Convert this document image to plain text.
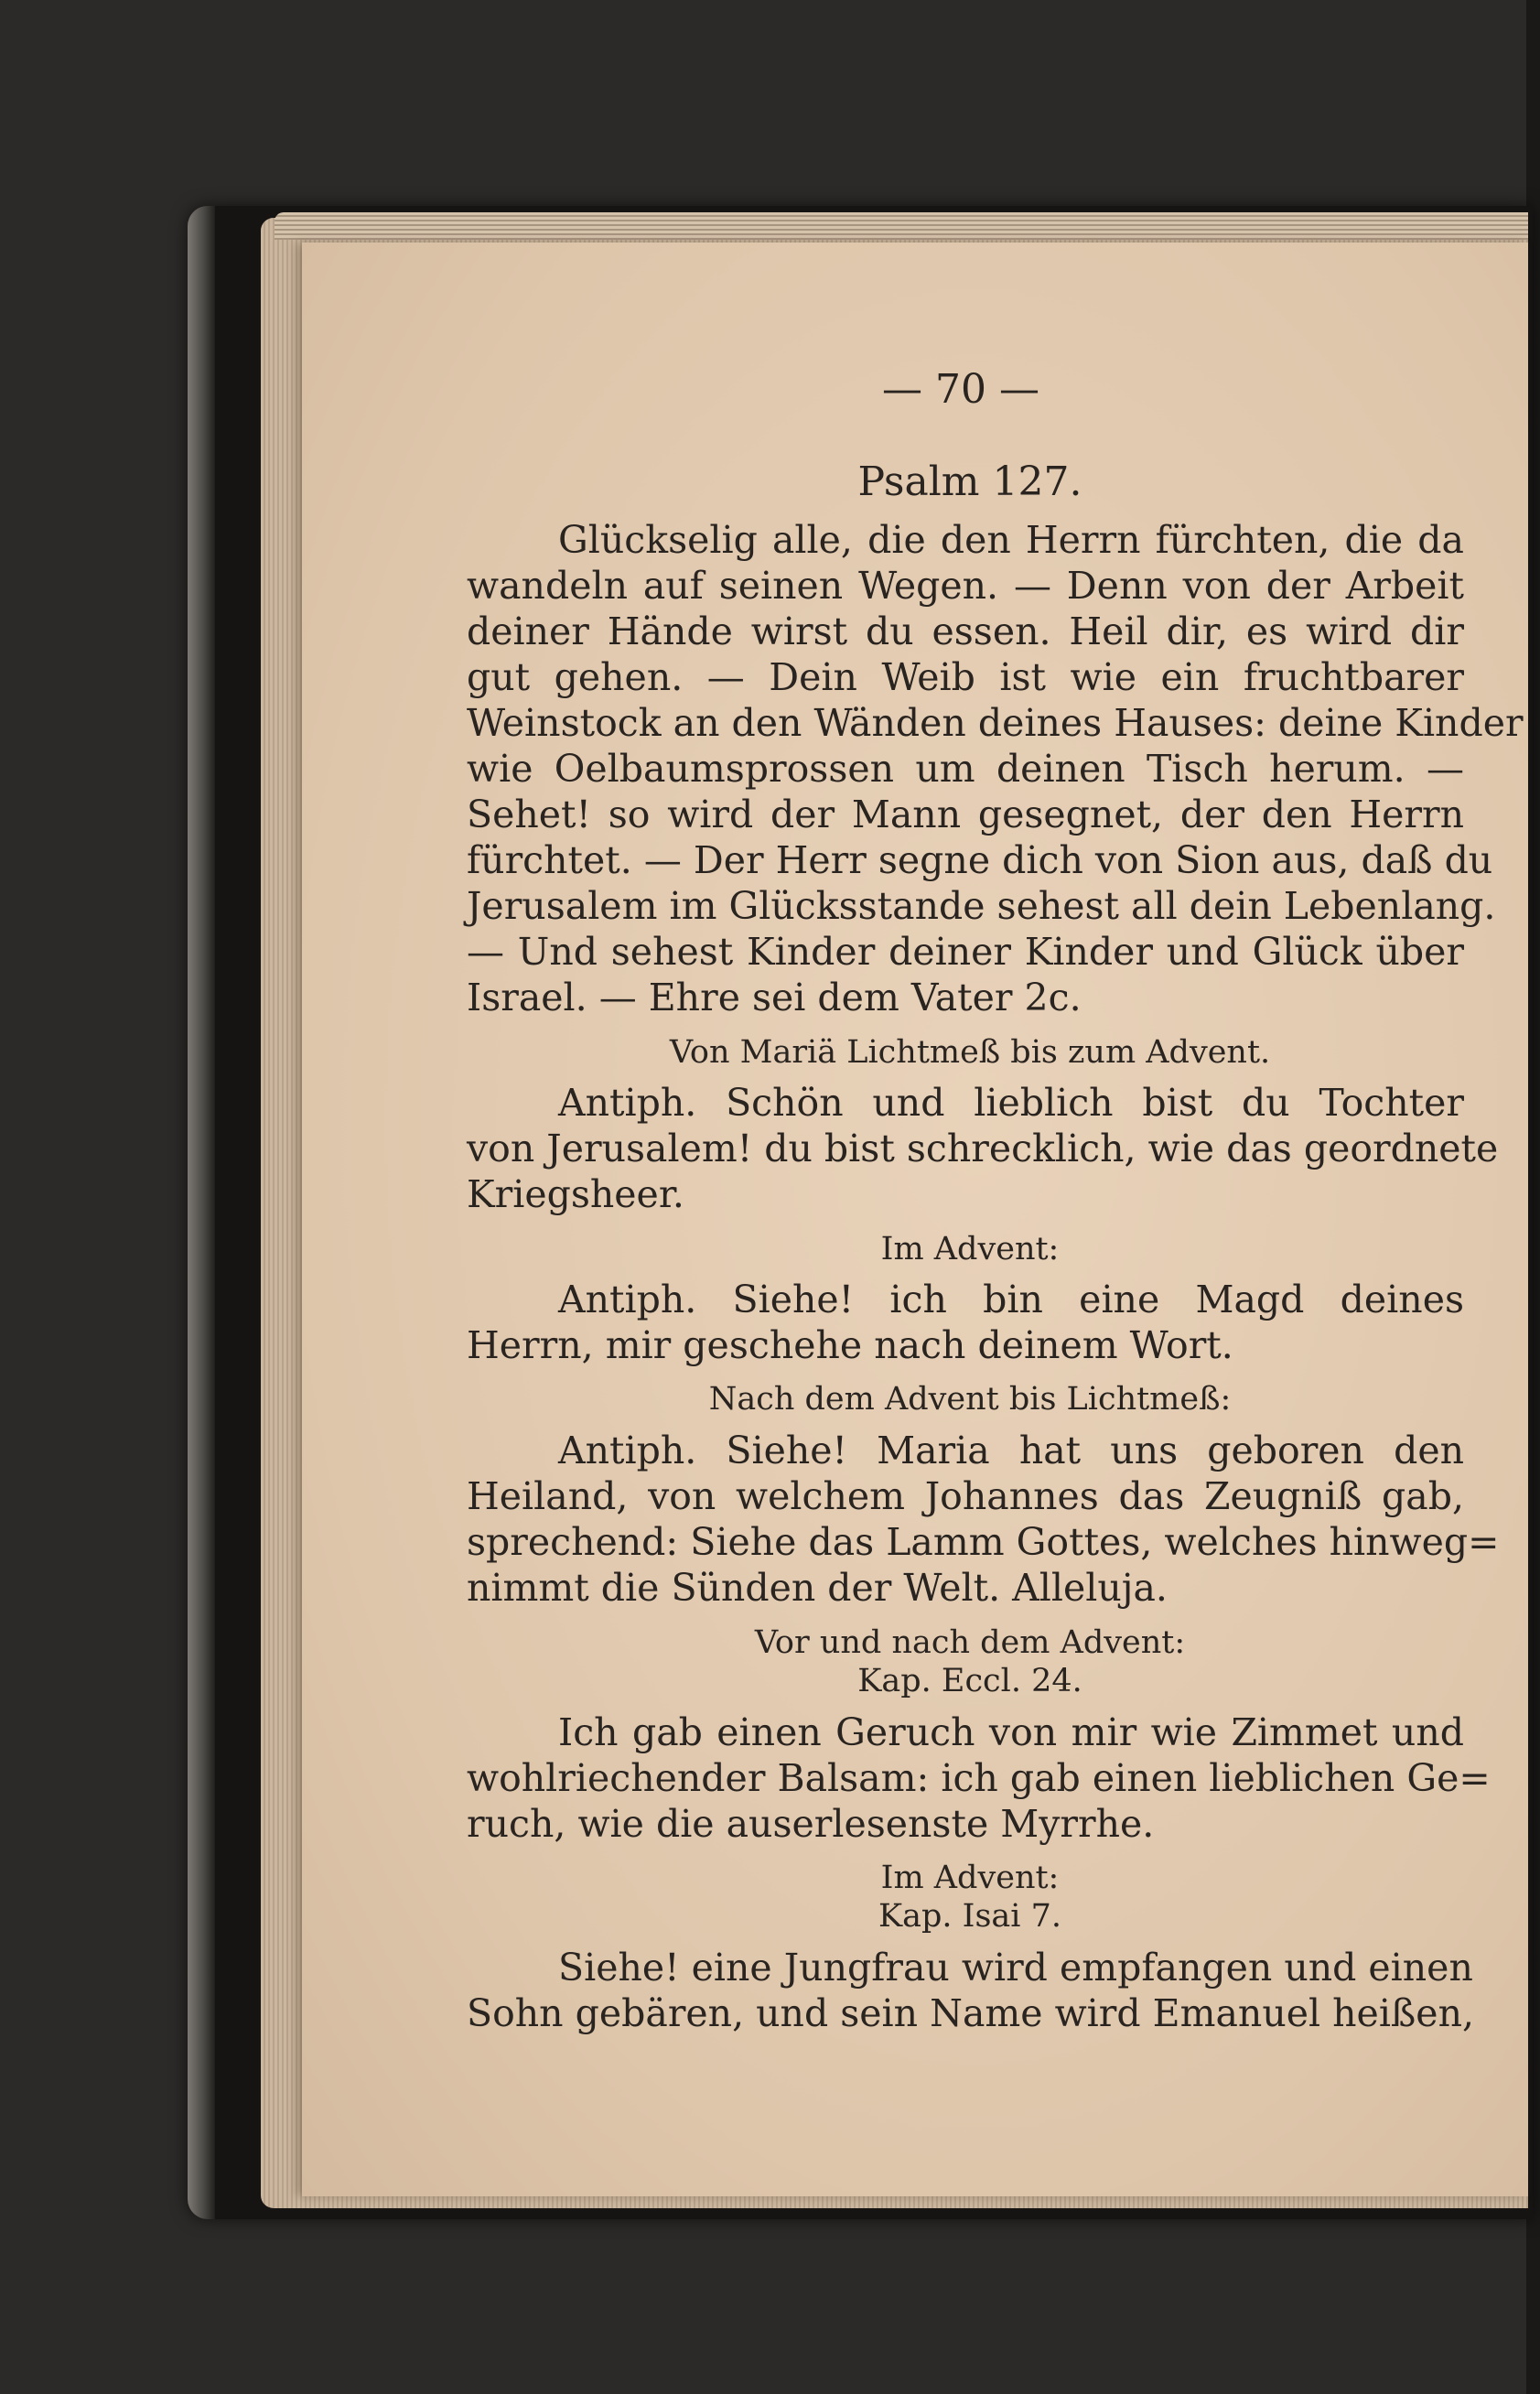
— 70 —
Psalm 127.
Glückselig alle, die den Herrn fürchten, die da
wandeln auf seinen Wegen. — Denn von der Arbeit
deiner Hände wirst du essen. Heil dir, es wird dir
gut gehen. — Dein Weib ist wie ein fruchtbarer
Weinstock an den Wänden deines Hauses: deine Kinder
wie Oelbaumsprossen um deinen Tisch herum. —
Sehet! so wird der Mann gesegnet, der den Herrn
fürchtet. — Der Herr segne dich von Sion aus, daß du
Jerusalem im Glücksstande sehest all dein Lebenlang.
— Und sehest Kinder deiner Kinder und Glück über
Israel. — Ehre sei dem Vater 2c.
Von Mariä Lichtmeß bis zum Advent.
Antiph. Schön und lieblich bist du Tochter
von Jerusalem! du bist schrecklich, wie das geordnete
Kriegsheer.
Im Advent:
Antiph. Siehe! ich bin eine Magd deines
Herrn, mir geschehe nach deinem Wort.
Nach dem Advent bis Lichtmeß:
Antiph. Siehe! Maria hat uns geboren den
Heiland, von welchem Johannes das Zeugniß gab,
sprechend: Siehe das Lamm Gottes, welches hinweg=
nimmt die Sünden der Welt. Alleluja.
Vor und nach dem Advent:
Kap. Eccl. 24.
Ich gab einen Geruch von mir wie Zimmet und
wohlriechender Balsam: ich gab einen lieblichen Ge=
ruch, wie die auserlesenste Myrrhe.
Im Advent:
Kap. Isai 7.
Siehe! eine Jungfrau wird empfangen und einen
Sohn gebären, und sein Name wird Emanuel heißen,
